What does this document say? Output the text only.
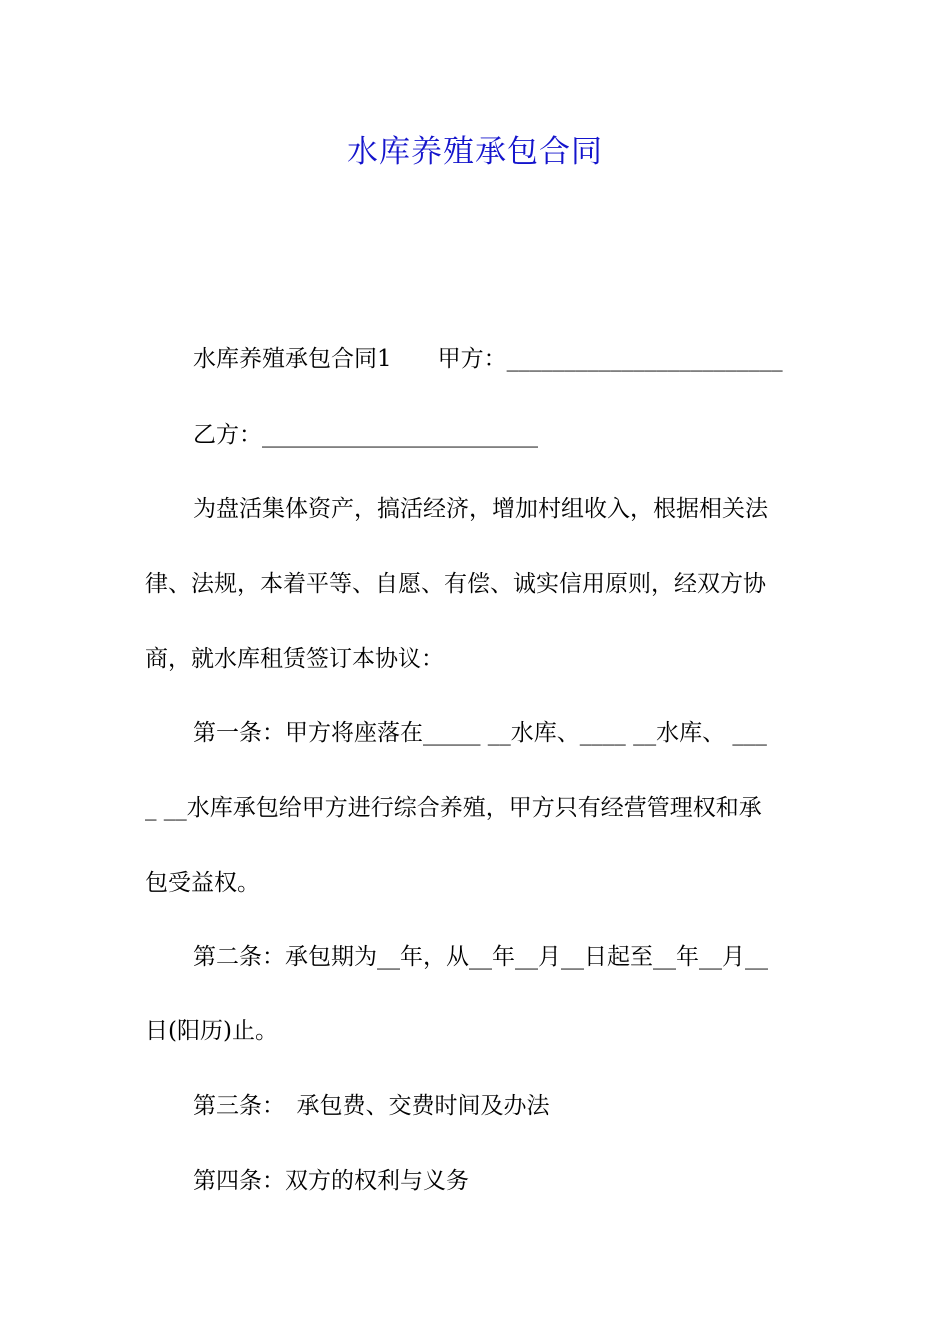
水库养殖承包合同

水库养殖承包合同1　　甲方：________________________

乙方：________________________

为盘活集体资产，搞活经济，增加村组收入，根据相关法

律、法规，本着平等、自愿、有偿、诚实信用原则，经双方协

商，就水库租赁签订本协议：

第一条：甲方将座落在_____ __水库、____ __水库、 ___

_ __水库承包给甲方进行综合养殖，甲方只有经营管理权和承

包受益权。

第二条：承包期为__年，从__年__月__日起至__年__月__

日(阳历)止。

第三条：　承包费、交费时间及办法

第四条：双方的权利与义务
